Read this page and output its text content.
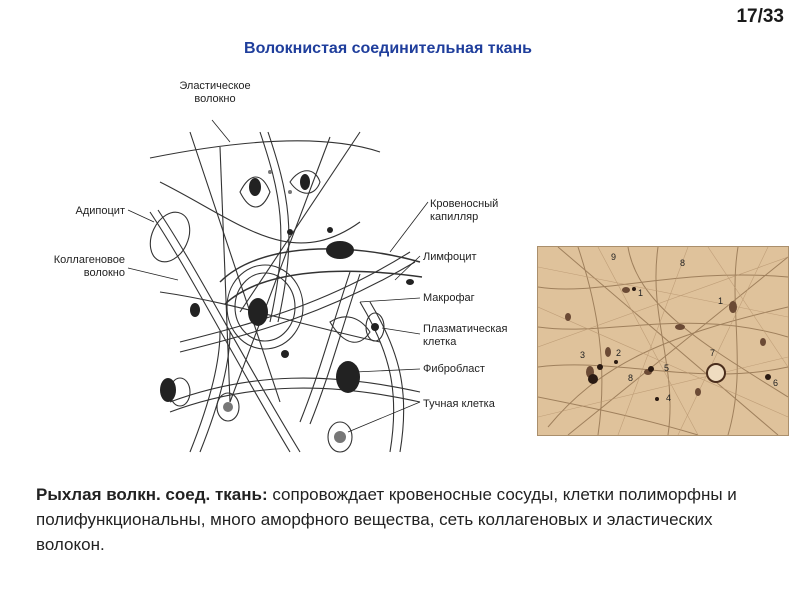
17/33
Волокнистая соединительная ткань
Эластическое
волокно
Адипоцит
Коллагеновое
волокно
Кровеносный
капилляр
Лимфоцит
Макрофаг
Плазматическая
клетка
Фибробласт
Тучная клетка
9
8
1
1
3	2
5
7
8
4
6
Рыхлая волкн. соед. ткань: сопровождает кровеносные сосуды, клетки полиморфны и полифункциональны, много аморфного вещества, сеть коллагеновых и эластических волокон.
